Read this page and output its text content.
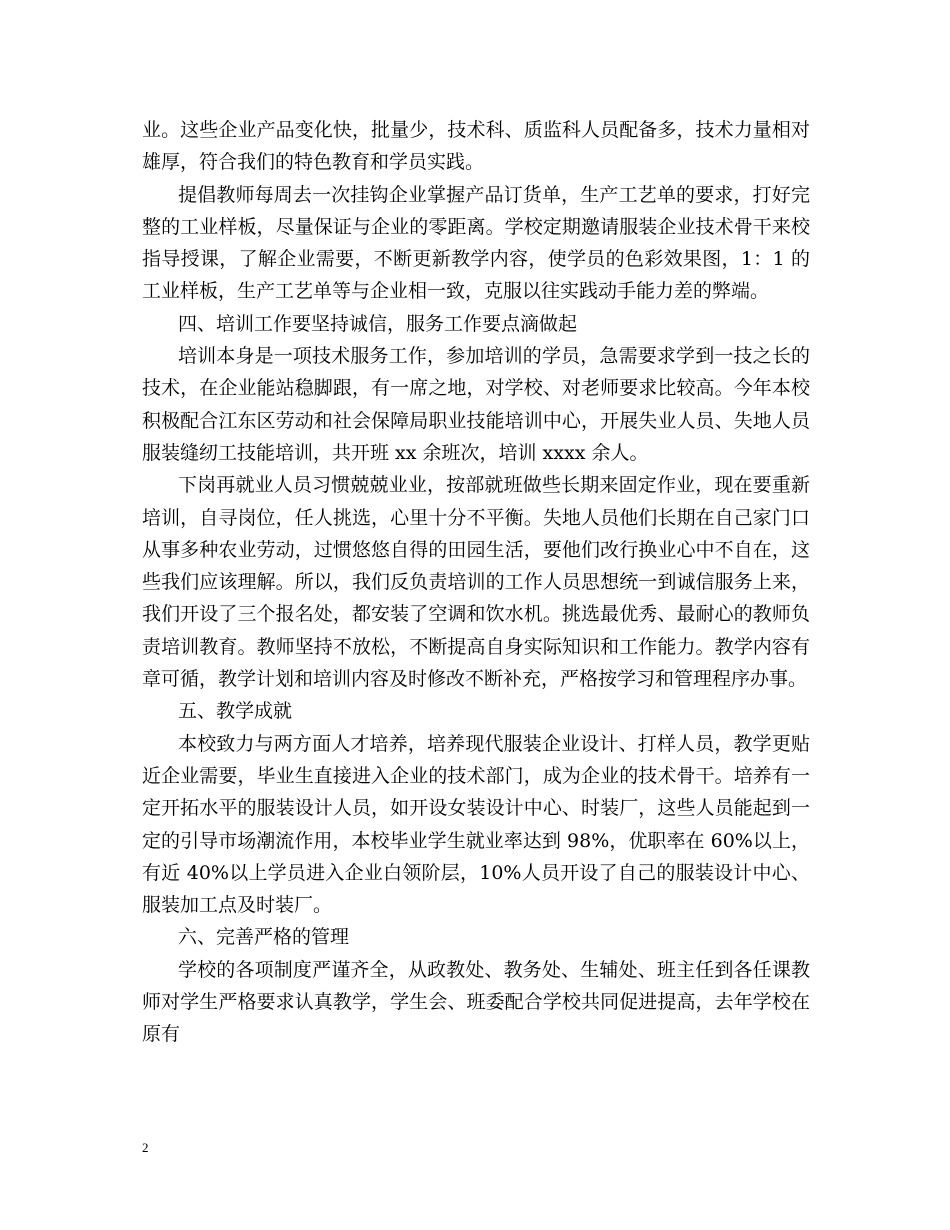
业。这些企业产品变化快，批量少，技术科、质监科人员配备多，技术力量相对雄厚，符合我们的特色教育和学员实践。

提倡教师每周去一次挂钩企业掌握产品订货单，生产工艺单的要求，打好完整的工业样板，尽量保证与企业的零距离。学校定期邀请服装企业技术骨干来校指导授课，了解企业需要，不断更新教学内容，使学员的色彩效果图，1：1 的工业样板，生产工艺单等与企业相一致，克服以往实践动手能力差的弊端。

四、培训工作要坚持诚信，服务工作要点滴做起

培训本身是一项技术服务工作，参加培训的学员，急需要求学到一技之长的技术，在企业能站稳脚跟，有一席之地，对学校、对老师要求比较高。今年本校积极配合江东区劳动和社会保障局职业技能培训中心，开展失业人员、失地人员服装缝纫工技能培训，共开班 xx 余班次，培训 xxxx 余人。

下岗再就业人员习惯兢兢业业，按部就班做些长期来固定作业，现在要重新培训，自寻岗位，任人挑选，心里十分不平衡。失地人员他们长期在自己家门口从事多种农业劳动，过惯悠悠自得的田园生活，要他们改行换业心中不自在，这些我们应该理解。所以，我们反负责培训的工作人员思想统一到诚信服务上来，我们开设了三个报名处，都安装了空调和饮水机。挑选最优秀、最耐心的教师负责培训教育。教师坚持不放松，不断提高自身实际知识和工作能力。教学内容有章可循，教学计划和培训内容及时修改不断补充，严格按学习和管理程序办事。

五、教学成就

本校致力与两方面人才培养，培养现代服装企业设计、打样人员，教学更贴近企业需要，毕业生直接进入企业的技术部门，成为企业的技术骨干。培养有一定开拓水平的服装设计人员，如开设女装设计中心、时装厂，这些人员能起到一定的引导市场潮流作用，本校毕业学生就业率达到 98%，优职率在 60%以上，有近 40%以上学员进入企业白领阶层，10%人员开设了自己的服装设计中心、服装加工点及时装厂。

六、完善严格的管理

学校的各项制度严谨齐全，从政教处、教务处、生辅处、班主任到各任课教师对学生严格要求认真教学，学生会、班委配合学校共同促进提高，去年学校在原有

2
